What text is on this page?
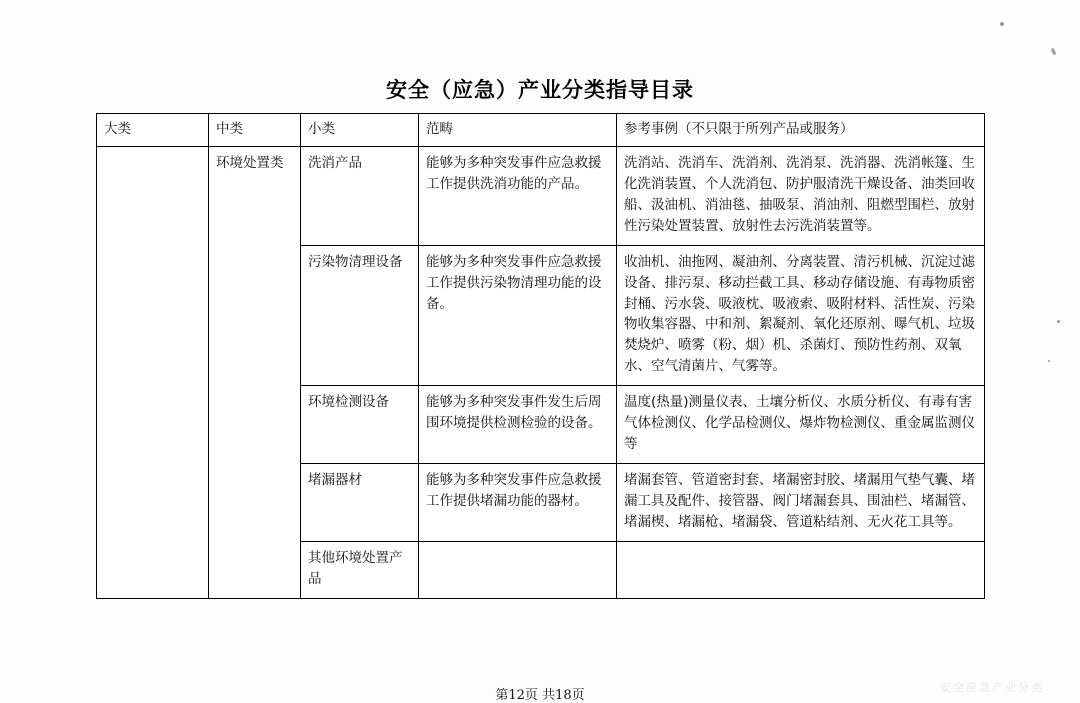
安全（应急）产业分类指导目录
大类	中类	小类	范畴	参考事例（不只限于所列产品或服务）
	环境处置类	洗消产品	能够为多种突发事件应急救援工作提供洗消功能的产品。	洗消站、洗消车、洗消剂、洗消泵、洗消器、洗消帐篷、生化洗消装置、个人洗消包、防护服清洗干燥设备、油类回收船、汲油机、消油毯、抽吸泵、消油剂、阻燃型围栏、放射性污染处置装置、放射性去污洗消装置等。
		污染物清理设备	能够为多种突发事件应急救援工作提供污染物清理功能的设备。	收油机、油拖网、凝油剂、分离装置、清污机械、沉淀过滤设备、排污泵、移动拦截工具、移动存储设施、有毒物质密封桶、污水袋、吸液枕、吸液索、吸附材料、活性炭、污染物收集容器、中和剂、絮凝剂、氧化还原剂、曝气机、垃圾焚烧炉、喷雾（粉、烟）机、杀菌灯、预防性药剂、双氧水、空气清菌片、气雾等。
		环境检测设备	能够为多种突发事件发生后周围环境提供检测检验的设备。	温度(热量)测量仪表、土壤分析仪、水质分析仪、有毒有害气体检测仪、化学品检测仪、爆炸物检测仪、重金属监测仪等
		堵漏器材	能够为多种突发事件应急救援工作提供堵漏功能的器材。	堵漏套管、管道密封套、堵漏密封胶、堵漏用气垫气囊、堵漏工具及配件、接管器、阀门堵漏套具、围油栏、堵漏管、堵漏楔、堵漏枪、堵漏袋、管道粘结剂、无火花工具等。
		其他环境处置产品		
第12页 共18页
安全应急产业分类
